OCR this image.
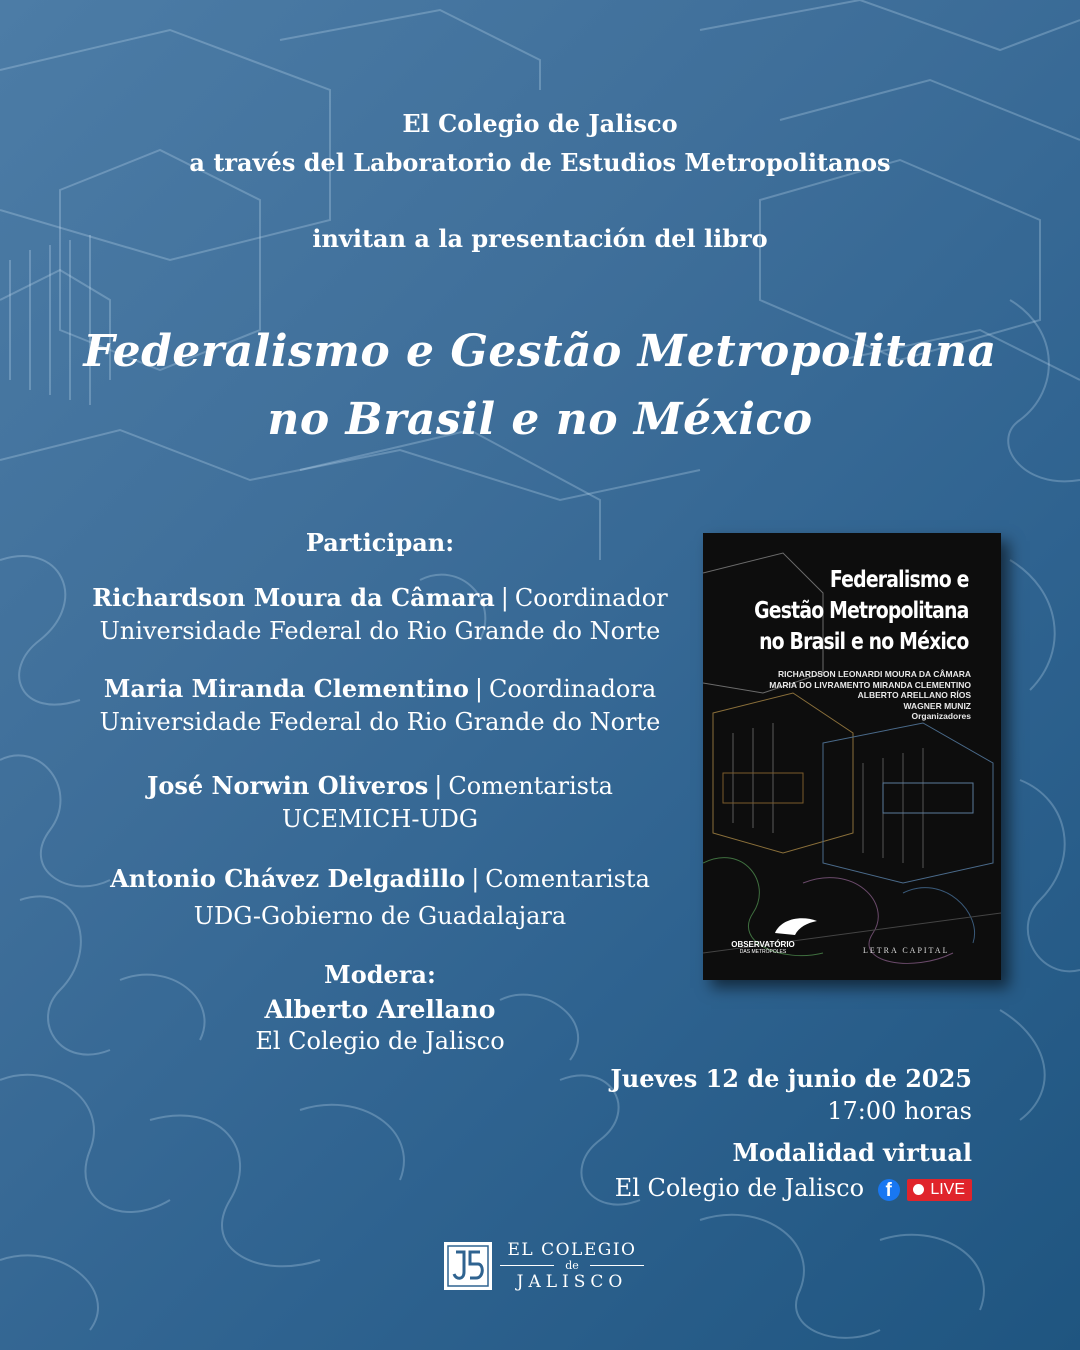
El Colegio de Jalisco
a través del Laboratorio de Estudios Metropolitanos
invitan a la presentación del libro
Federalismo e Gestão Metropolitana
no Brasil e no México
Participan:
Richardson Moura da Câmara | Coordinador
Universidade Federal do Rio Grande do Norte
Maria Miranda Clementino | Coordinadora
Universidade Federal do Rio Grande do Norte
José Norwin Oliveros | Comentarista
UCEMICH-UDG
Antonio Chávez Delgadillo | Comentarista
UDG-Gobierno de Guadalajara
Modera:
Alberto Arellano
El Colegio de Jalisco
Federalismo e
Gestão Metropolitana
no Brasil e no México
RICHARDSON LEONARDI MOURA DA CÂMARA
MARIA DO LIVRAMENTO MIRANDA CLEMENTINO
ALBERTO ARELLANO RÍOS
WAGNER MUNIZ
Organizadores
OBSERVATÓRIO
DAS METRÓPOLES	LETRA CAPITAL
Jueves 12 de junio de 2025
17:00 horas
Modalidad virtual
El Colegio de Jalisco f LIVE
EL COLEGIO
de
JALISCO
